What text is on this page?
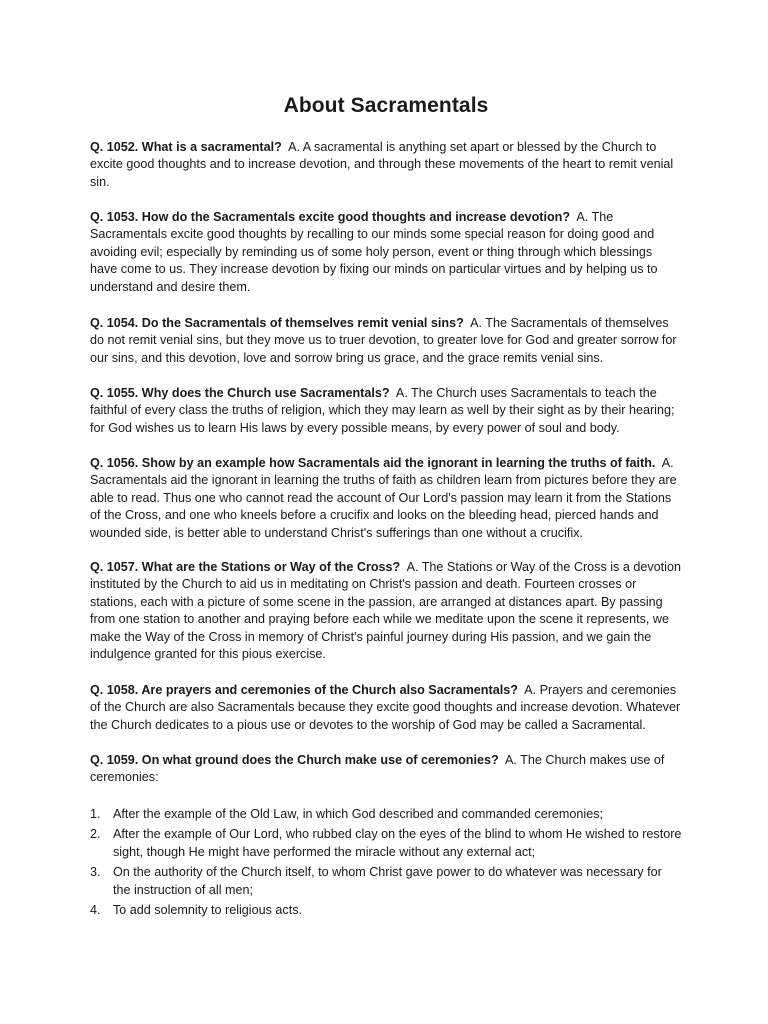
About Sacramentals

Q. 1052. What is a sacramental? A. A sacramental is anything set apart or blessed by the Church to excite good thoughts and to increase devotion, and through these movements of the heart to remit venial sin.

Q. 1053. How do the Sacramentals excite good thoughts and increase devotion? A. The Sacramentals excite good thoughts by recalling to our minds some special reason for doing good and avoiding evil; especially by reminding us of some holy person, event or thing through which blessings have come to us. They increase devotion by fixing our minds on particular virtues and by helping us to understand and desire them.

Q. 1054. Do the Sacramentals of themselves remit venial sins? A. The Sacramentals of themselves do not remit venial sins, but they move us to truer devotion, to greater love for God and greater sorrow for our sins, and this devotion, love and sorrow bring us grace, and the grace remits venial sins.

Q. 1055. Why does the Church use Sacramentals? A. The Church uses Sacramentals to teach the faithful of every class the truths of religion, which they may learn as well by their sight as by their hearing; for God wishes us to learn His laws by every possible means, by every power of soul and body.

Q. 1056. Show by an example how Sacramentals aid the ignorant in learning the truths of faith. A. Sacramentals aid the ignorant in learning the truths of faith as children learn from pictures before they are able to read. Thus one who cannot read the account of Our Lord's passion may learn it from the Stations of the Cross, and one who kneels before a crucifix and looks on the bleeding head, pierced hands and wounded side, is better able to understand Christ's sufferings than one without a crucifix.

Q. 1057. What are the Stations or Way of the Cross? A. The Stations or Way of the Cross is a devotion instituted by the Church to aid us in meditating on Christ's passion and death. Fourteen crosses or stations, each with a picture of some scene in the passion, are arranged at distances apart. By passing from one station to another and praying before each while we meditate upon the scene it represents, we make the Way of the Cross in memory of Christ's painful journey during His passion, and we gain the indulgence granted for this pious exercise.

Q. 1058. Are prayers and ceremonies of the Church also Sacramentals? A. Prayers and ceremonies of the Church are also Sacramentals because they excite good thoughts and increase devotion. Whatever the Church dedicates to a pious use or devotes to the worship of God may be called a Sacramental.

Q. 1059. On what ground does the Church make use of ceremonies? A. The Church makes use of ceremonies:

1. After the example of the Old Law, in which God described and commanded ceremonies;
2. After the example of Our Lord, who rubbed clay on the eyes of the blind to whom He wished to restore sight, though He might have performed the miracle without any external act;
3. On the authority of the Church itself, to whom Christ gave power to do whatever was necessary for the instruction of all men;
4. To add solemnity to religious acts.
